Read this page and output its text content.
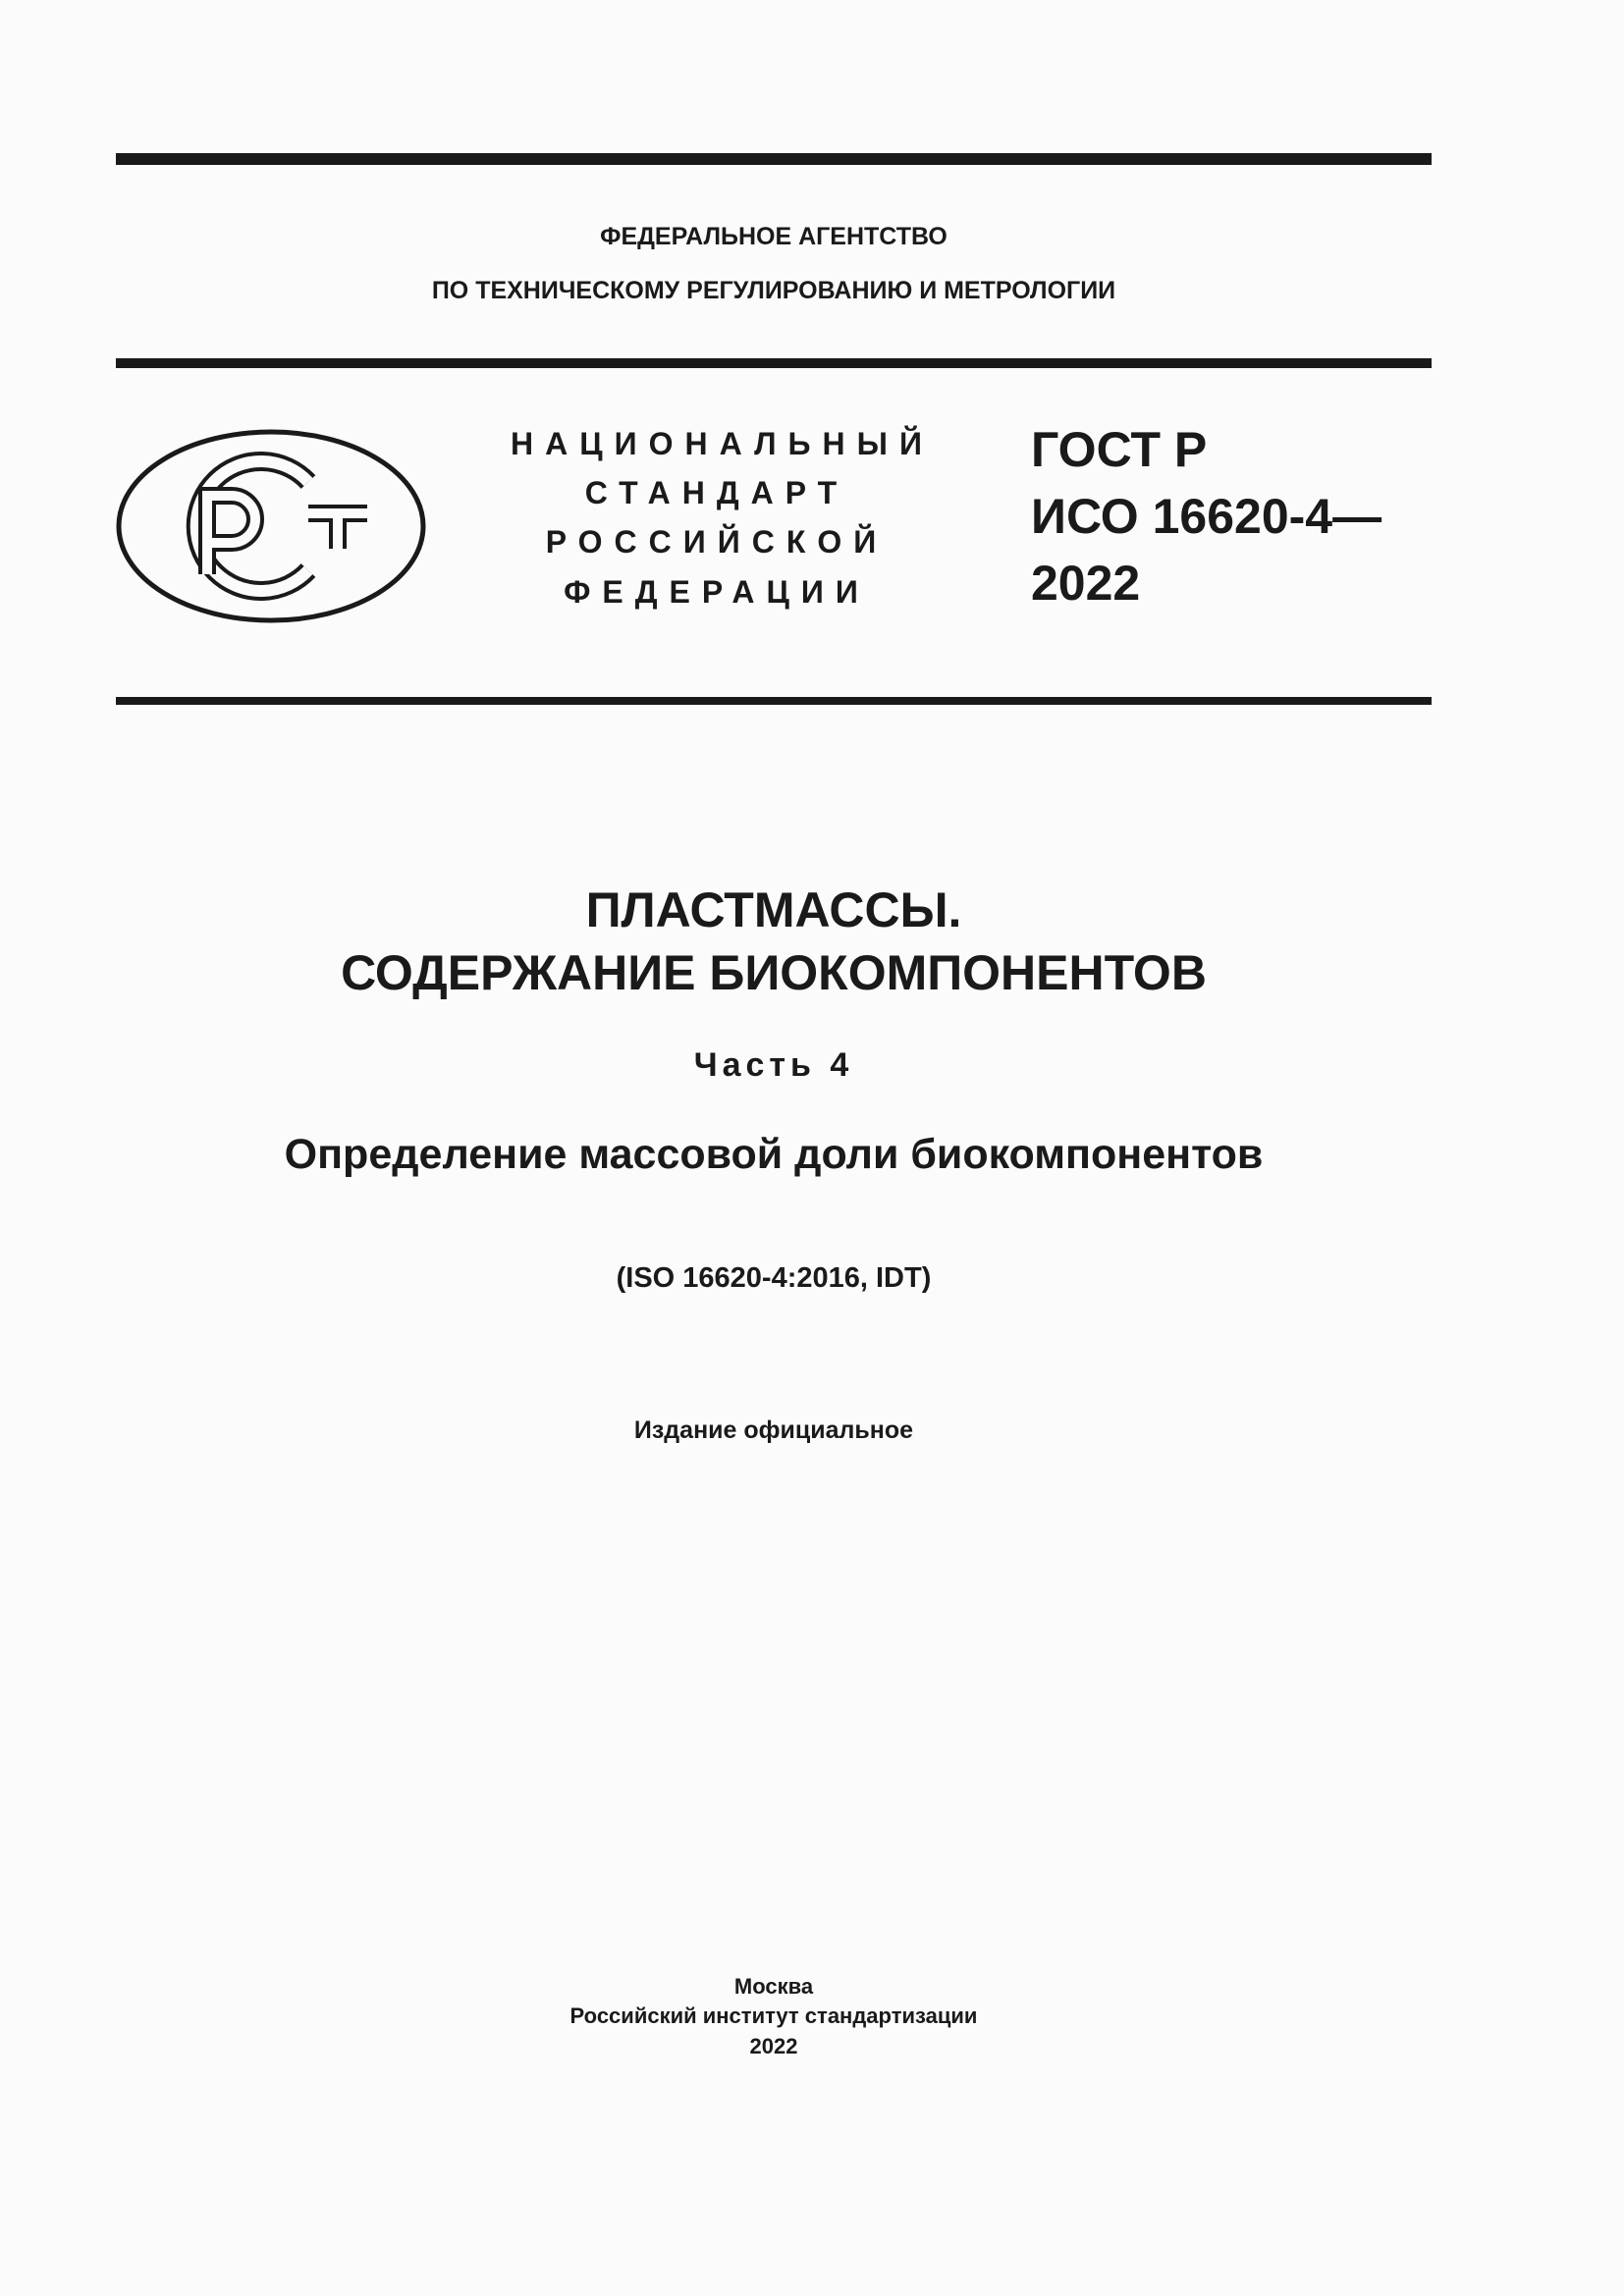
ФЕДЕРАЛЬНОЕ АГЕНТСТВО
ПО ТЕХНИЧЕСКОМУ РЕГУЛИРОВАНИЮ И МЕТРОЛОГИИ
НАЦИОНАЛЬНЫЙ
СТАНДАРТ
РОССИЙСКОЙ
ФЕДЕРАЦИИ
ГОСТ Р
ИСО 16620-4—
2022
ПЛАСТМАССЫ.
СОДЕРЖАНИЕ БИОКОМПОНЕНТОВ
Часть 4
Определение массовой доли биокомпонентов
(ISO 16620-4:2016, IDT)
Издание официальное
Москва
Российский институт стандартизации
2022
